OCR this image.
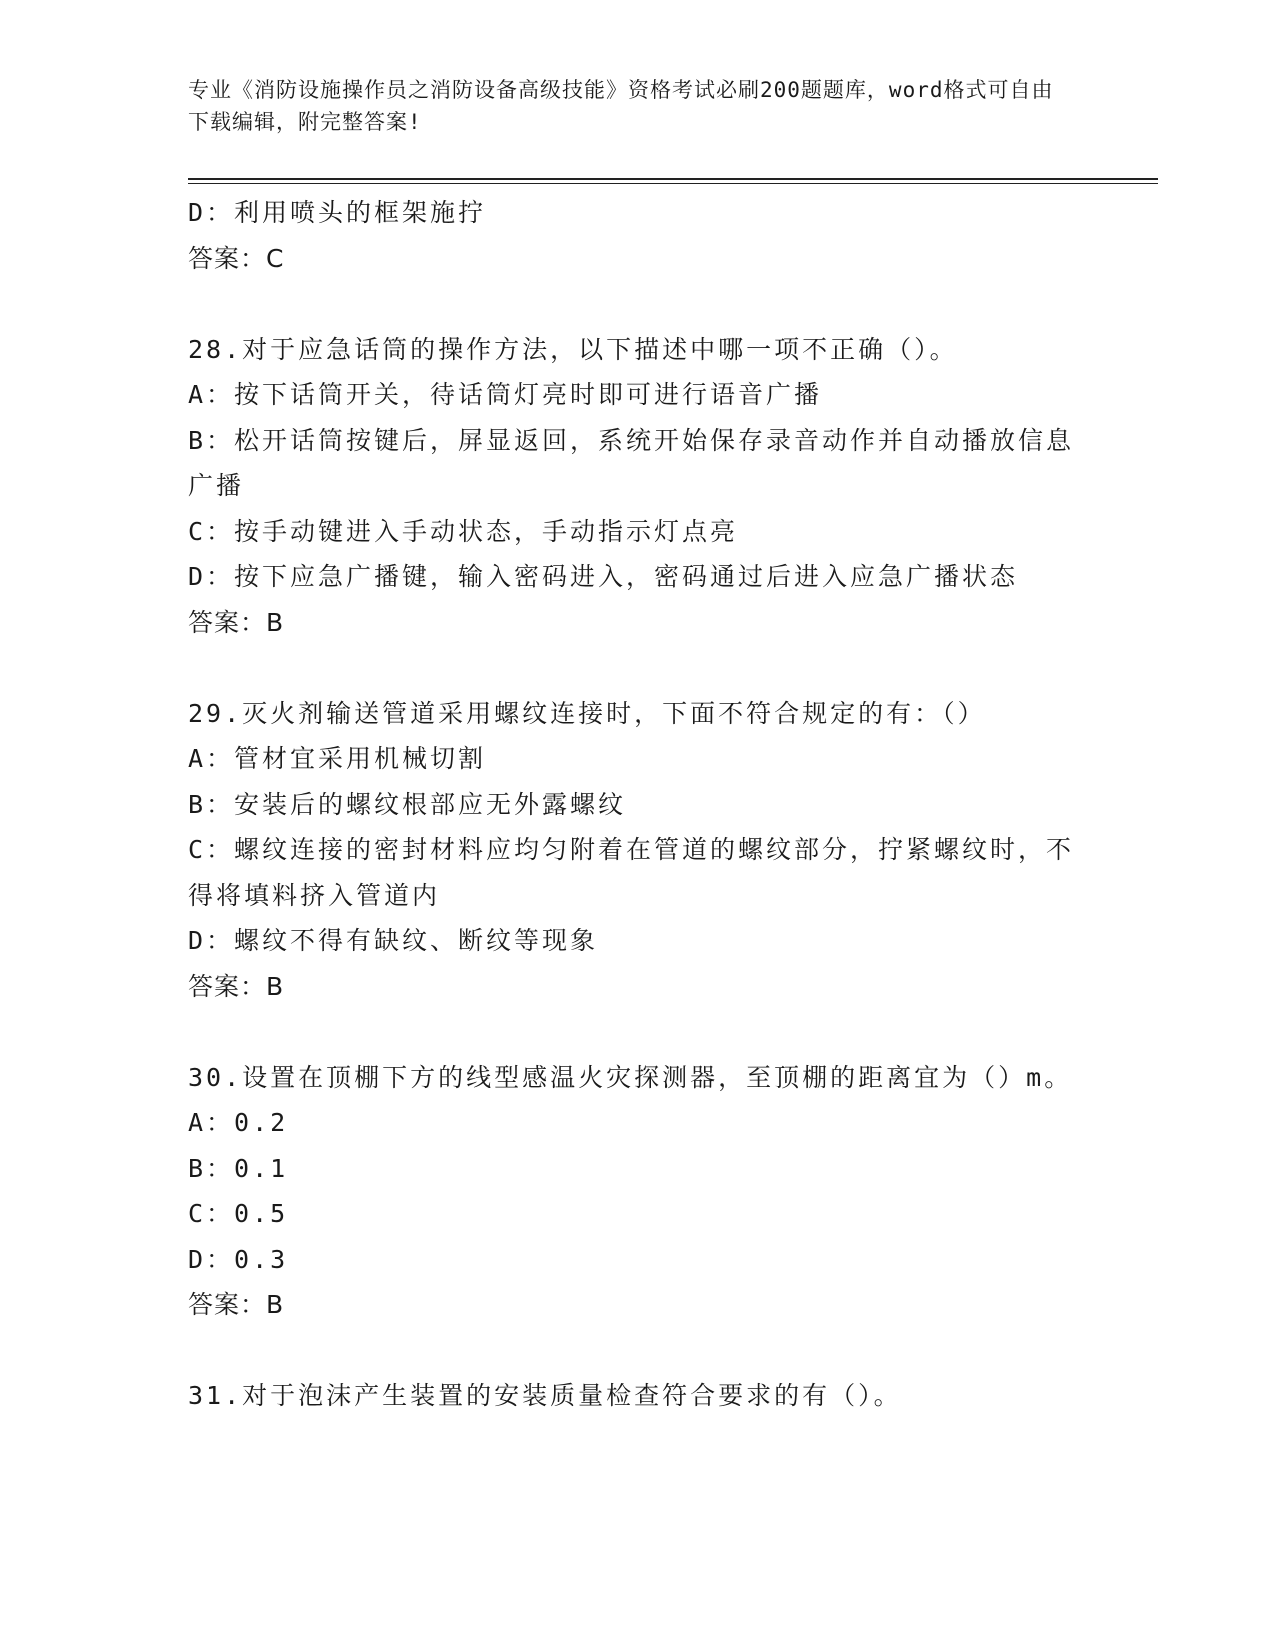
专业《消防设施操作员之消防设备高级技能》资格考试必刷200题题库，word格式可自由下载编辑，附完整答案!
D：利用喷头的框架施拧
答案：C
28.对于应急话筒的操作方法，以下描述中哪一项不正确（）。
A：按下话筒开关，待话筒灯亮时即可进行语音广播
B：松开话筒按键后，屏显返回，系统开始保存录音动作并自动播放信息广播
C：按手动键进入手动状态，手动指示灯点亮
D：按下应急广播键，输入密码进入，密码通过后进入应急广播状态
答案：B
29.灭火剂输送管道采用螺纹连接时，下面不符合规定的有：（）
A：管材宜采用机械切割
B：安装后的螺纹根部应无外露螺纹
C：螺纹连接的密封材料应均匀附着在管道的螺纹部分，拧紧螺纹时，不得将填料挤入管道内
D：螺纹不得有缺纹、断纹等现象
答案：B
30.设置在顶棚下方的线型感温火灾探测器，至顶棚的距离宜为（）m。
A：0.2
B：0.1
C：0.5
D：0.3
答案：B
31.对于泡沫产生装置的安装质量检查符合要求的有（）。
